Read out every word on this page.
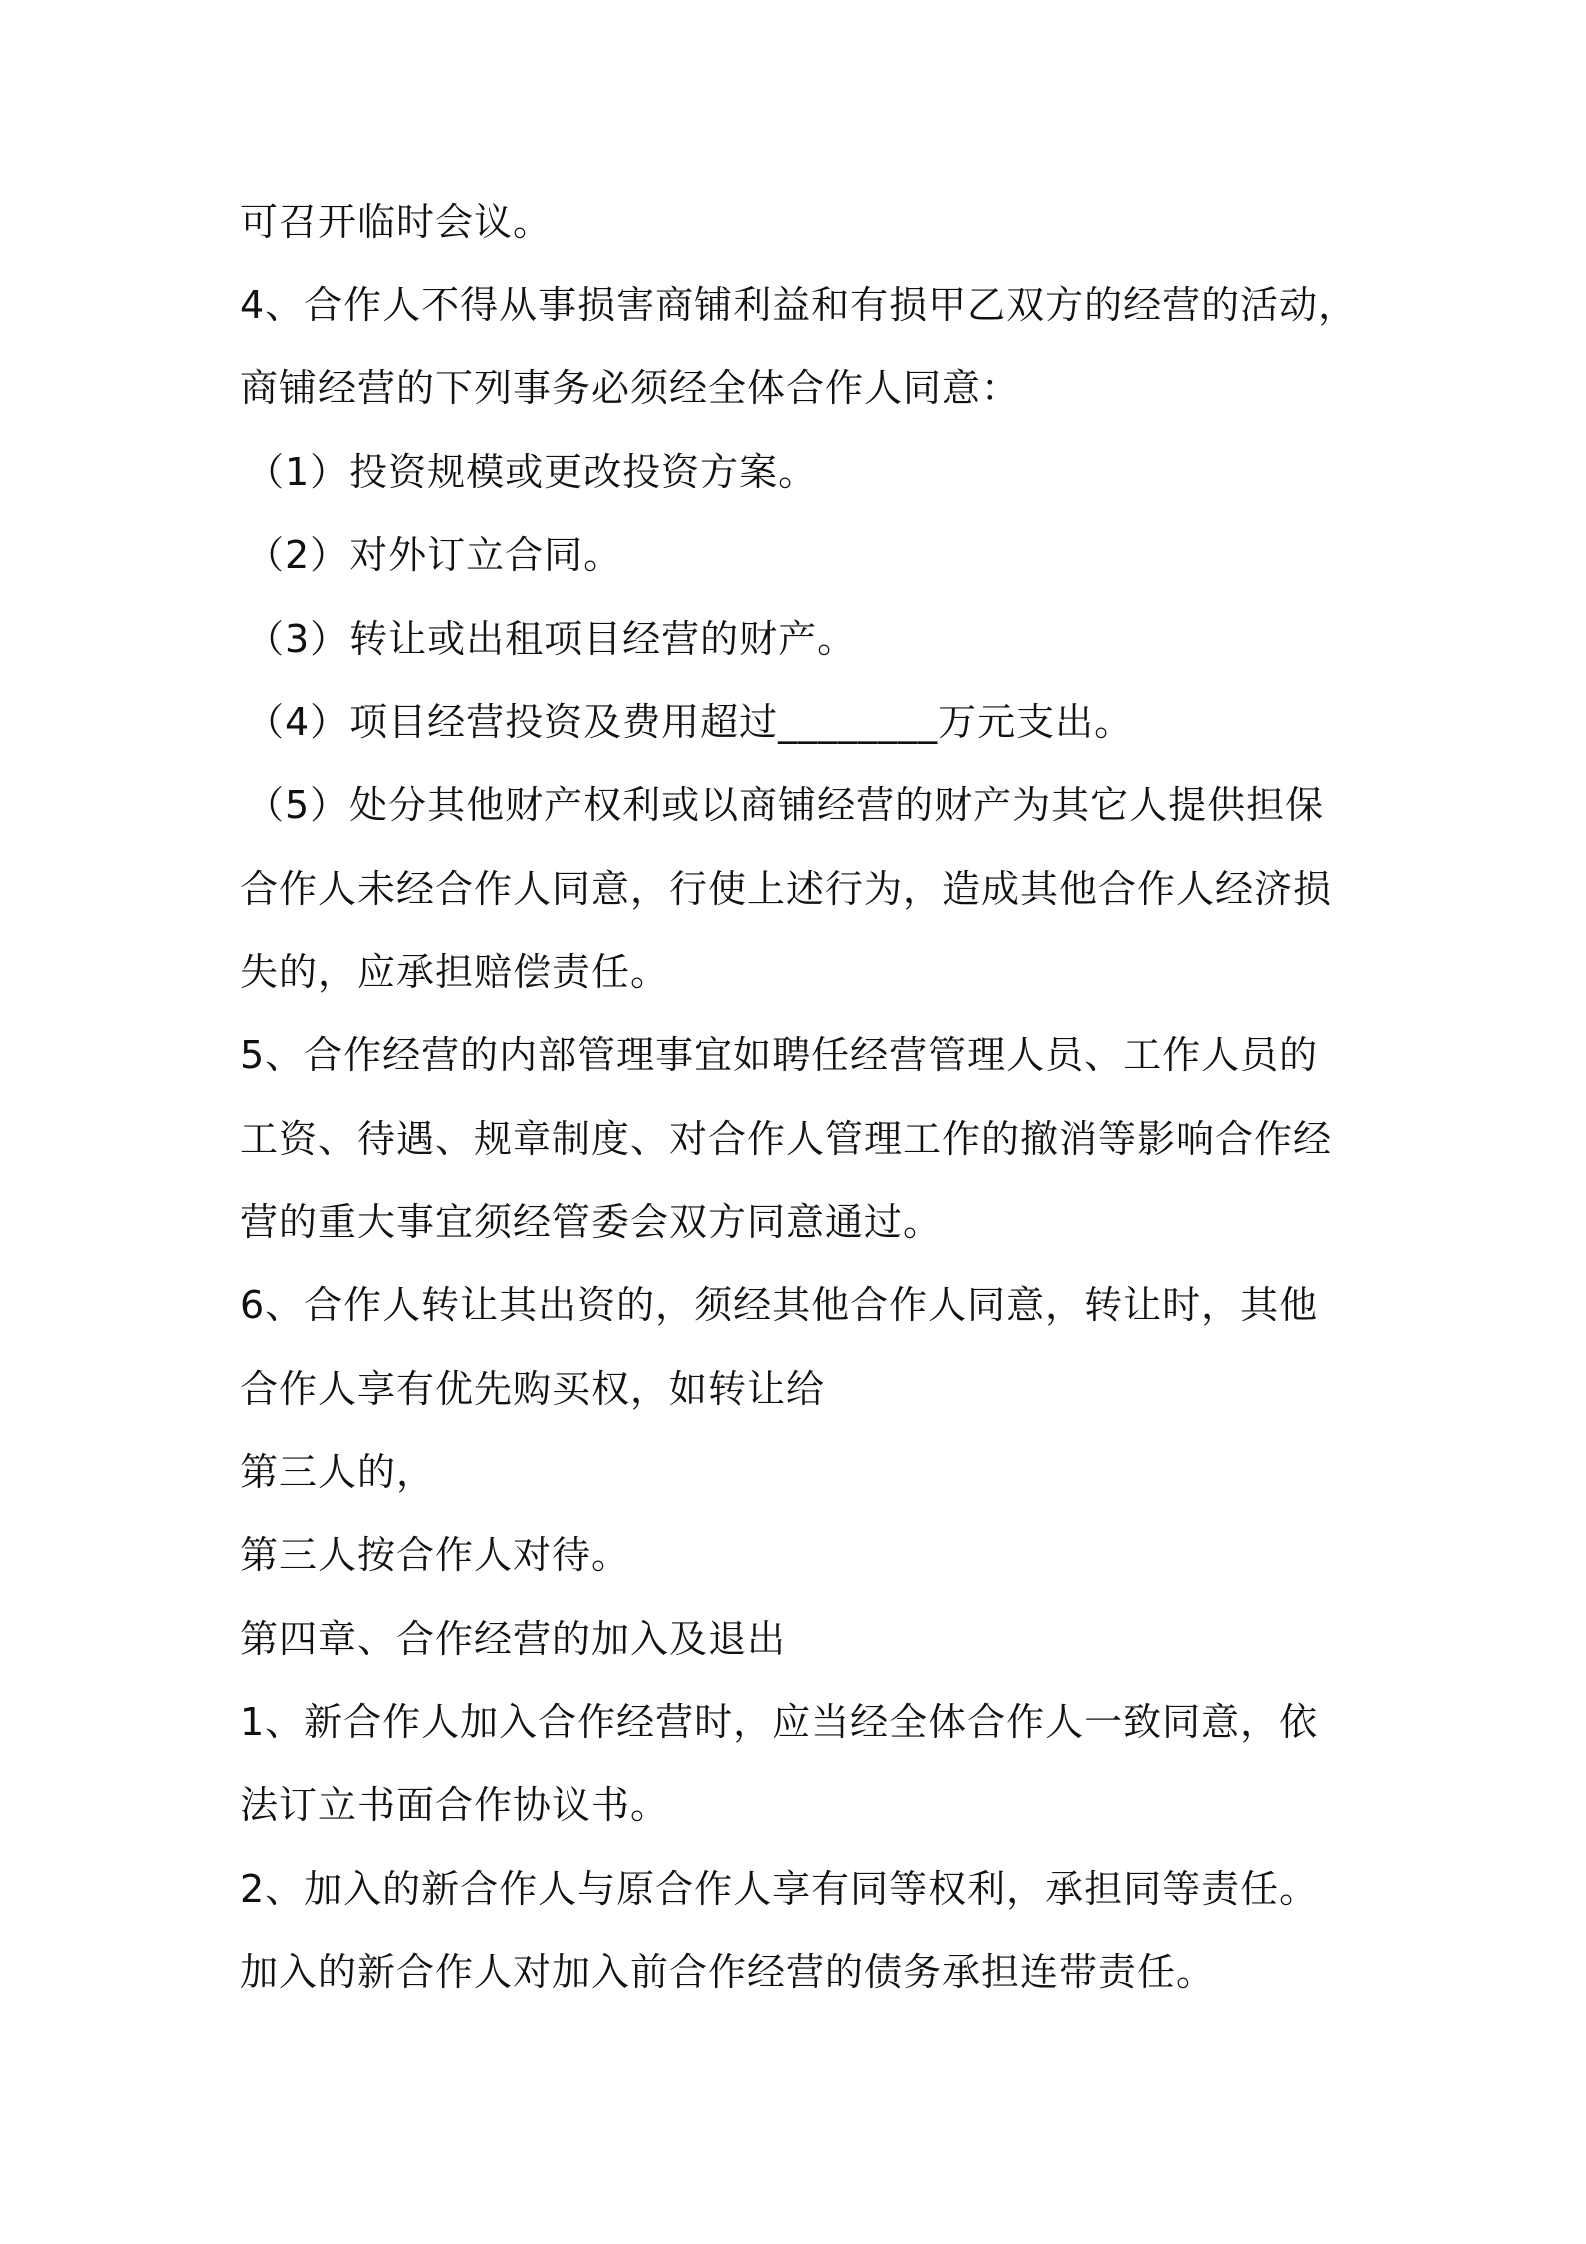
可召开临时会议。
4、合作人不得从事损害商铺利益和有损甲乙双方的经营的活动，
商铺经营的下列事务必须经全体合作人同意：
（1）投资规模或更改投资方案。
（2）对外订立合同。
（3）转让或出租项目经营的财产。
（4）项目经营投资及费用超过________万元支出。
（5）处分其他财产权利或以商铺经营的财产为其它人提供担保
合作人未经合作人同意，行使上述行为，造成其他合作人经济损
失的，应承担赔偿责任。
5、合作经营的内部管理事宜如聘任经营管理人员、工作人员的
工资、待遇、规章制度、对合作人管理工作的撤消等影响合作经
营的重大事宜须经管委会双方同意通过。
6、合作人转让其出资的，须经其他合作人同意，转让时，其他
合作人享有优先购买权，如转让给
第三人的，
第三人按合作人对待。
第四章、合作经营的加入及退出
1、新合作人加入合作经营时，应当经全体合作人一致同意，依
法订立书面合作协议书。
2、加入的新合作人与原合作人享有同等权利，承担同等责任。
加入的新合作人对加入前合作经营的债务承担连带责任。
